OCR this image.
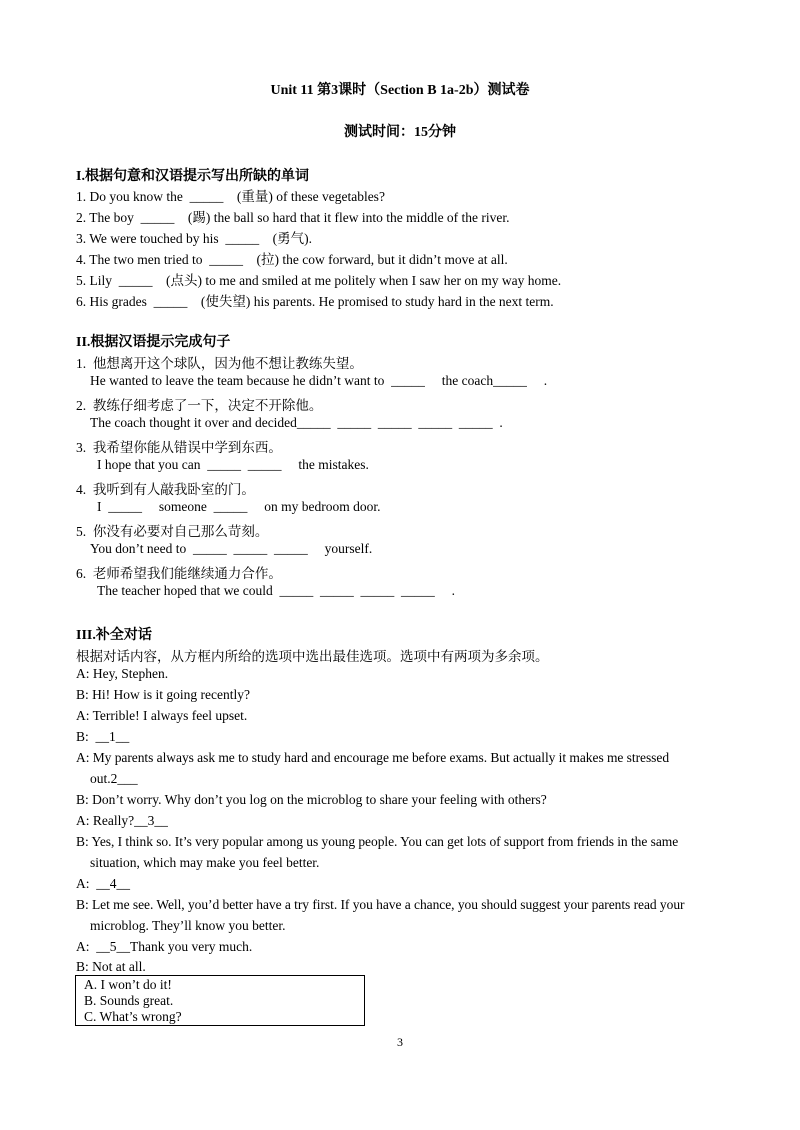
Unit 11 第3课时（Section B 1a-2b）测试卷
测试时间：15分钟
I.根据句意和汉语提示写出所缺的单词
1. Do you know the  _____    (重量) of these vegetables?
2. The boy  _____    (踢) the ball so hard that it flew into the middle of the river.
3. We were touched by his  _____    (勇气).
4. The two men tried to  _____    (拉) the cow forward, but it didn’t move at all.
5. Lily  _____    (点头) to me and smiled at me politely when I saw her on my way home.
6. His grades  _____    (使失望) his parents. He promised to study hard in the next term.
II.根据汉语提示完成句子
1.  他想离开这个球队，因为他不想让教练失望。
He wanted to leave the team because he didn’t want to  _____     the coach_____     .
2.  教练仔细考虑了一下，决定不开除他。
The coach thought it over and decided_____  _____  _____  _____  _____  .
3.  我希望你能从错误中学到东西。
I hope that you can  _____  _____     the mistakes.
4.  我听到有人敲我卧室的门。
I  _____     someone  _____     on my bedroom door.
5.  你没有必要对自己那么苛刻。
You don’t need to  _____  _____  _____     yourself.
6.  老师希望我们能继续通力合作。
The teacher hoped that we could  _____  _____  _____  _____     .
III.补全对话
根据对话内容，从方框内所给的选项中选出最佳选项。选项中有两项为多余项。
A: Hey, Stephen.
B: Hi! How is it going recently?
A: Terrible! I always feel upset.
B:  __1__
A: My parents always ask me to study hard and encourage me before exams. But actually it makes me stressed
out.2___
B: Don’t worry. Why don’t you log on the microblog to share your feeling with others?
A: Really?__3__
B: Yes, I think so. It’s very popular among us young people. You can get lots of support from friends in the same
situation, which may make you feel better.
A:  __4__
B: Let me see. Well, you’d better have a try first. If you have a chance, you should suggest your parents read your
microblog. They’ll know you better.
A:  __5__Thank you very much.
B: Not at all.
A. I won’t do it!
B. Sounds great.
C. What’s wrong?
3
